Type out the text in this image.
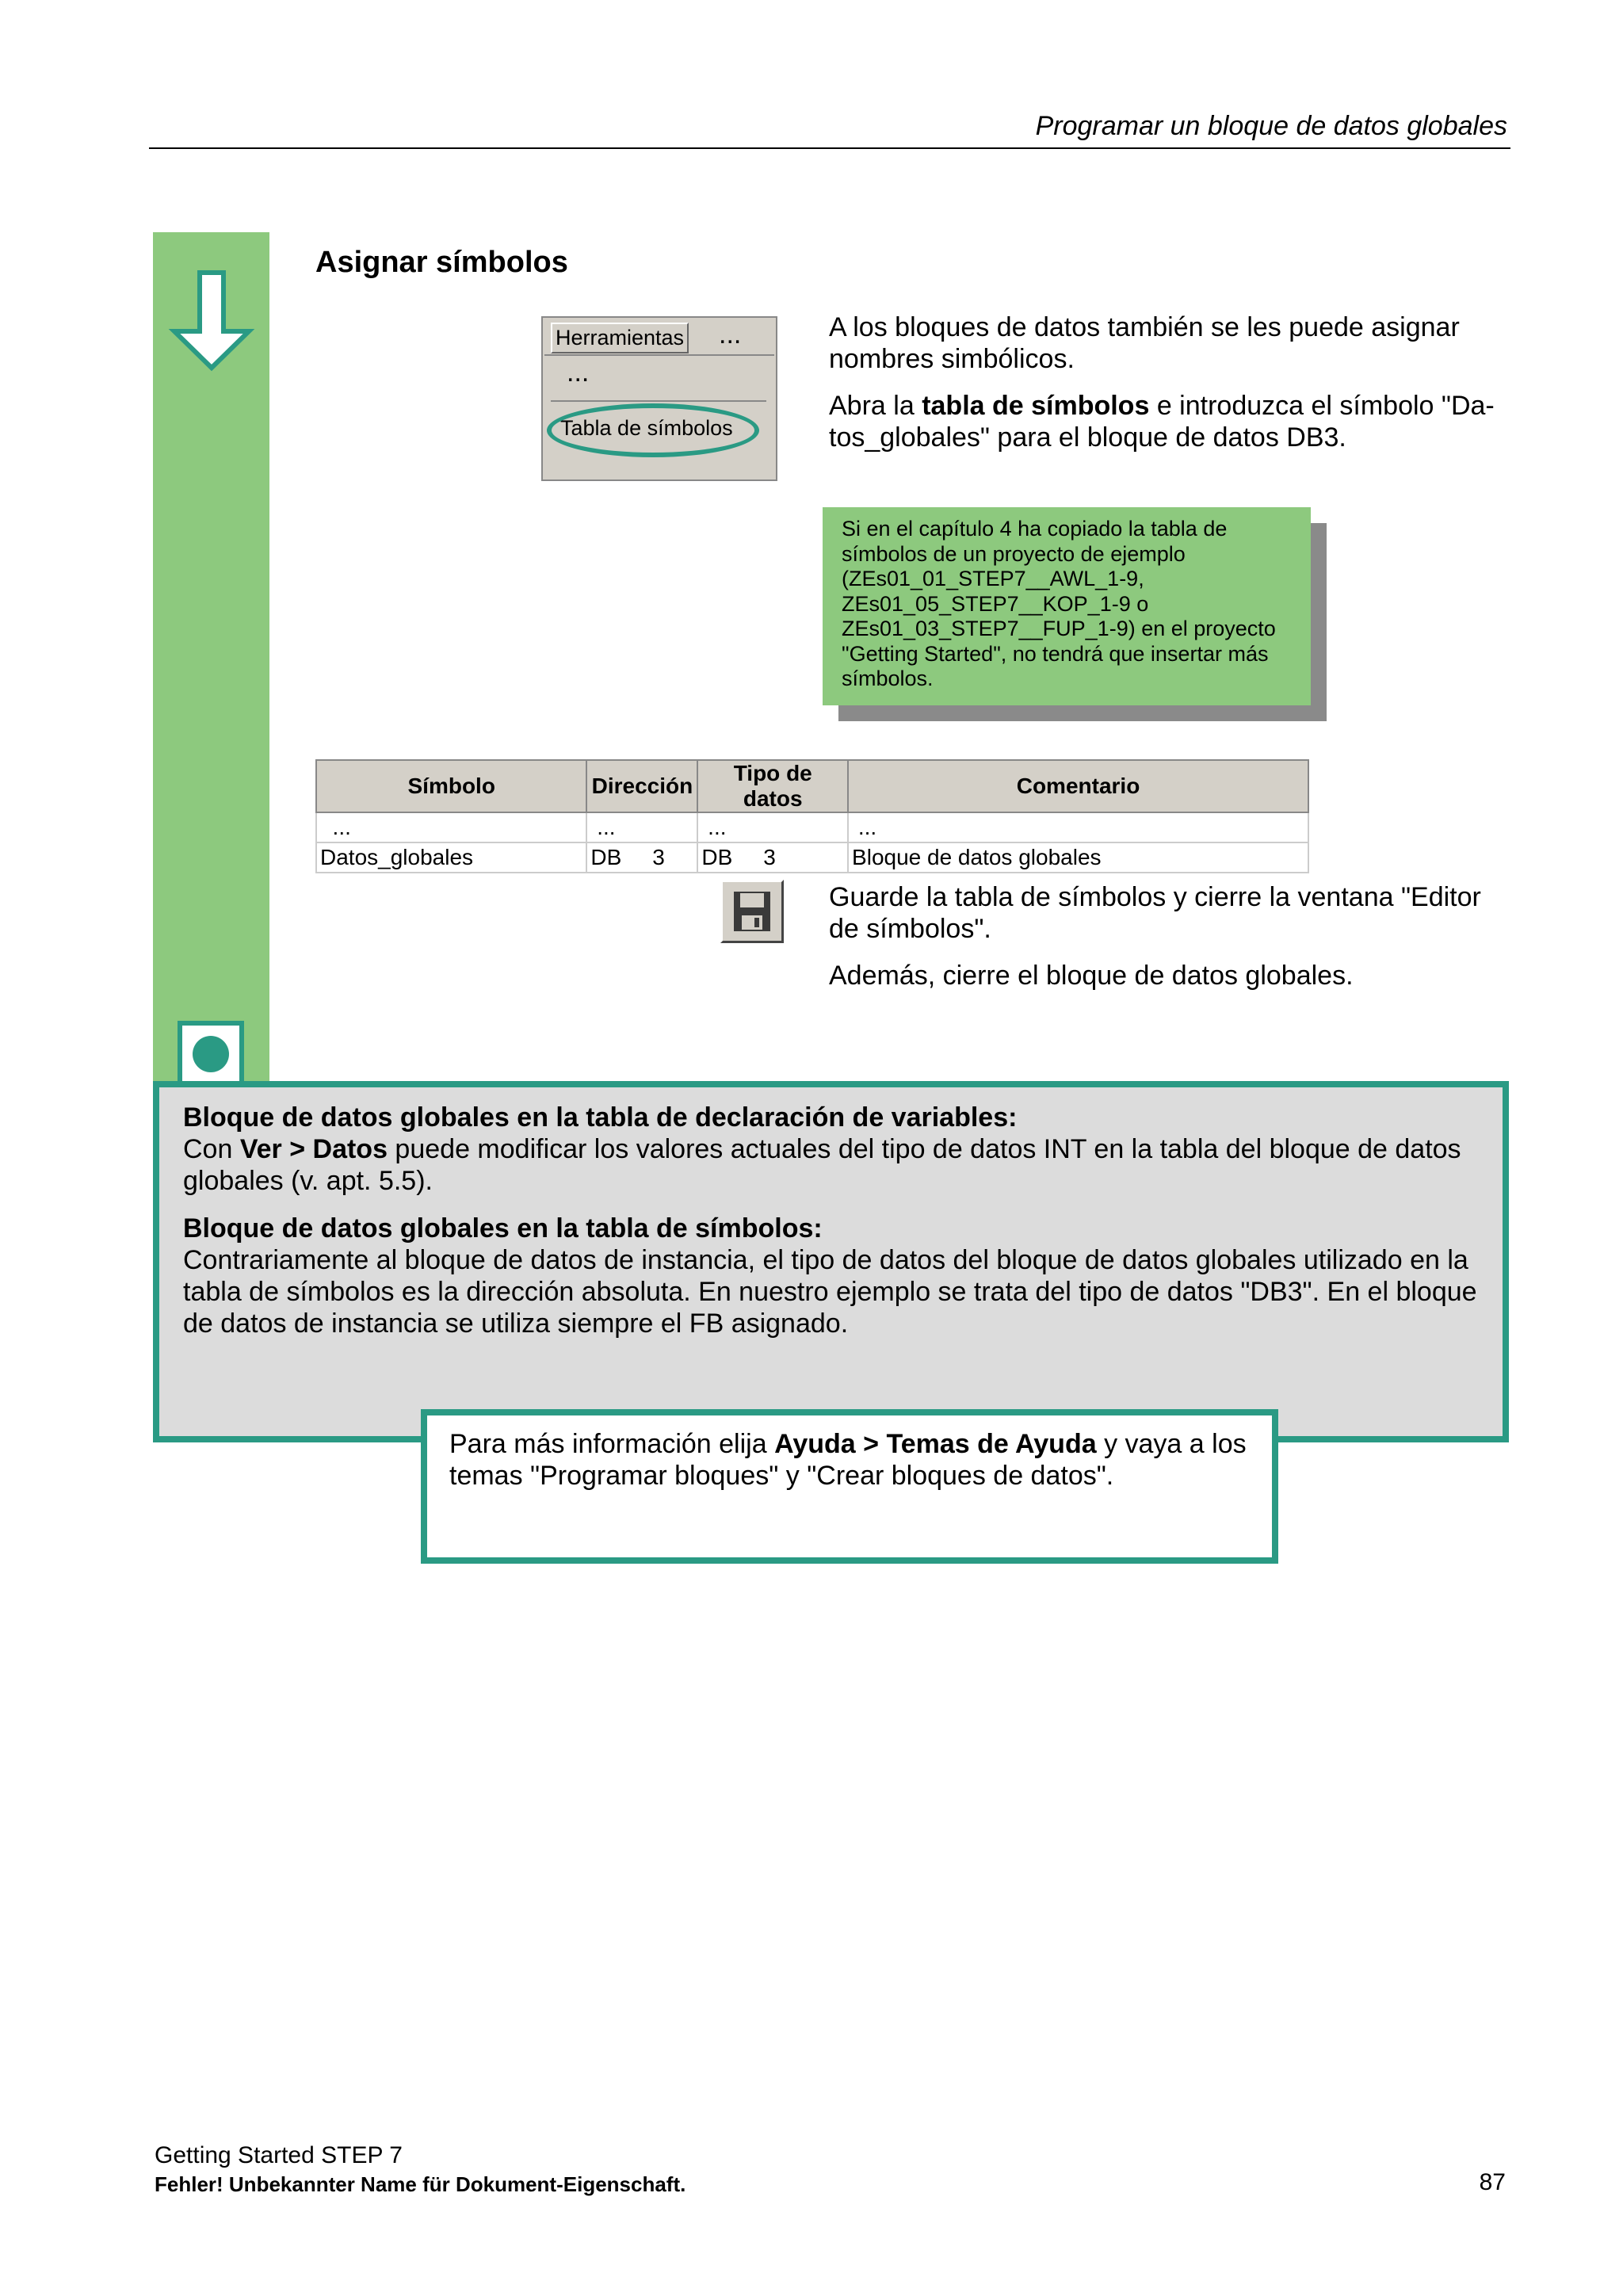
Programar un bloque de datos globales
Asignar símbolos
Herramientas ...
...
Tabla de símbolos
A los bloques de datos también se les puede asignar nombres simbólicos.
Abra la tabla de símbolos e introduzca el símbolo "Da-tos_globales" para el bloque de datos DB3.
Si en el capítulo 4 ha copiado la tabla de símbolos de un proyecto de ejemplo (ZEs01_01_STEP7__AWL_1-9, ZEs01_05_STEP7__KOP_1-9 o ZEs01_03_STEP7__FUP_1-9) en el proyecto "Getting Started", no tendrá que insertar más símbolos.
Símbolo	Dirección	Tipo de datos	Comentario
...	...	...	...
Datos_globales	DB     3	DB     3	Bloque de datos globales
Guarde la tabla de símbolos y cierre la ventana "Editor de símbolos".
Además, cierre el bloque de datos globales.
Bloque de datos globales en la tabla de declaración de variables:
Con Ver > Datos puede modificar los valores actuales del tipo de datos INT en la tabla del bloque de datos globales (v. apt. 5.5).
Bloque de datos globales en la tabla de símbolos:
Contrariamente al bloque de datos de instancia, el tipo de datos del bloque de datos globales utilizado en la tabla de símbolos es la dirección absoluta. En nuestro ejemplo se trata del tipo de datos "DB3". En el bloque de datos de instancia se utiliza siempre el FB asignado.
Para más información elija Ayuda > Temas de Ayuda y vaya a los temas "Programar bloques" y "Crear bloques de datos".
Getting Started STEP 7
Fehler! Unbekannter Name für Dokument-Eigenschaft.	87
